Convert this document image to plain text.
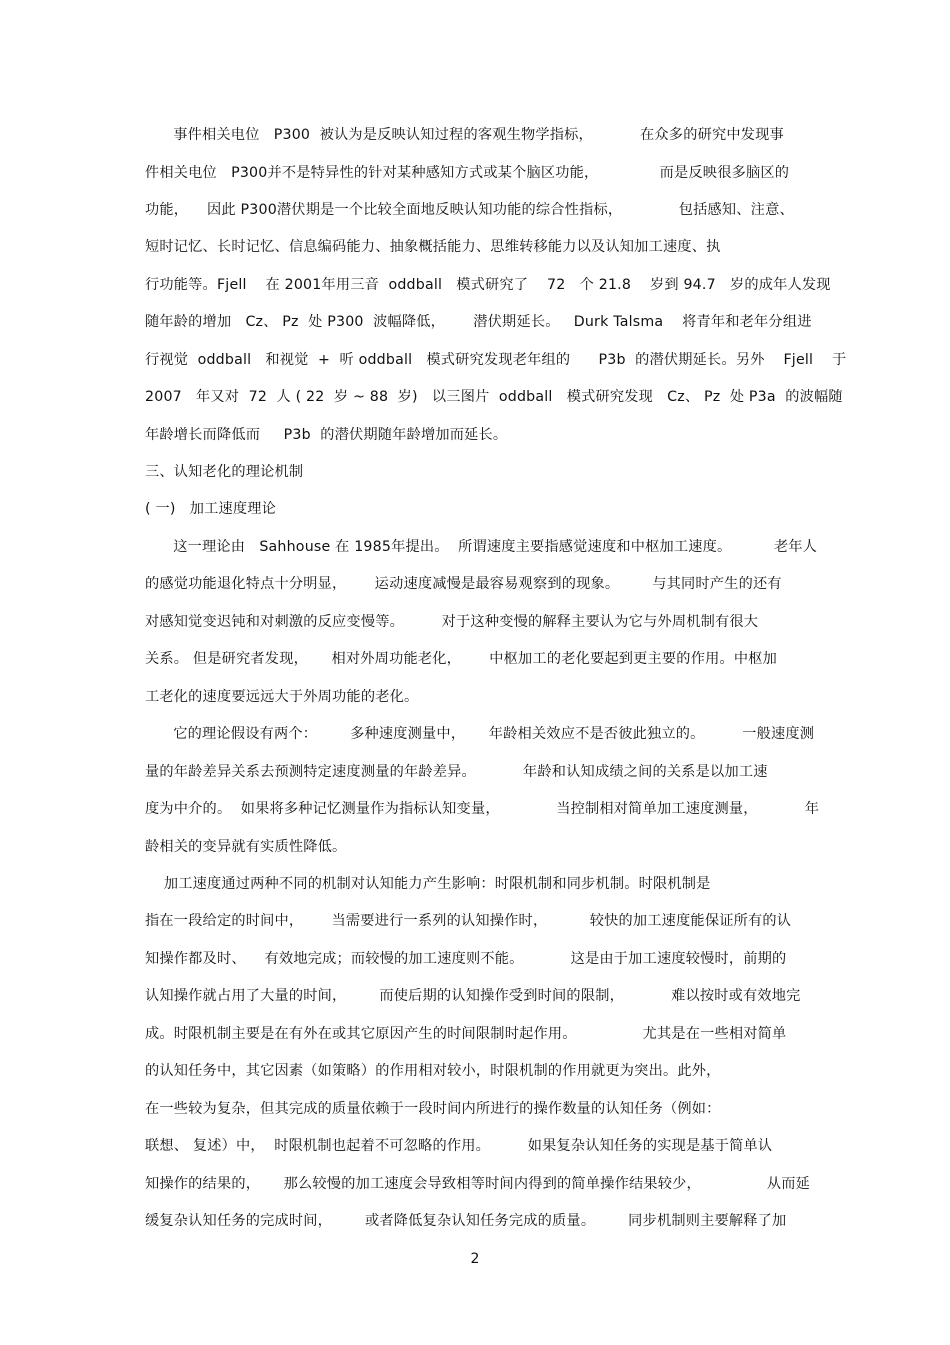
事件相关电位   P300  被认为是反映认知过程的客观生物学指标，          在众多的研究中发现事
件相关电位   P300并不是特异性的针对某种感知方式或某个脑区功能，             而是反映很多脑区的
功能，    因此 P300潜伏期是一个比较全面地反映认知功能的综合性指标，            包括感知、注意、
短时记忆、长时记忆、信息编码能力、抽象概括能力、思维转移能力以及认知加工速度、执
行功能等。Fjell    在 2001年用三音  oddball   模式研究了    72   个 21.8    岁到 94.7   岁的成年人发现
随年龄的增加   Cz、 Pz  处 P300  波幅降低，      潜伏期延长。   Durk Talsma    将青年和老年分组进
行视觉  oddball   和视觉  +  听 oddball   模式研究发现老年组的      P3b  的潜伏期延长。另外    Fjell    于
2007   年又对  72  人 ( 22  岁 ~ 88  岁)   以三图片  oddball   模式研究发现   Cz、 Pz  处 P3a  的波幅随
年龄增长而降低而     P3b  的潜伏期随年龄增加而延长。
三、认知老化的理论机制
( 一)   加工速度理论
这一理论由   Sahhouse 在 1985年提出。  所谓速度主要指感觉速度和中枢加工速度。         老年人
的感觉功能退化特点十分明显，      运动速度减慢是最容易观察到的现象。       与其同时产生的还有
对感知觉变迟钝和对刺激的反应变慢等。        对于这种变慢的解释主要认为它与外周机制有很大
关系。 但是研究者发现，     相对外周功能老化，      中枢加工的老化要起到更主要的作用。中枢加
工老化的速度要远远大于外周功能的老化。
它的理论假设有两个：       多种速度测量中，     年龄相关效应不是否彼此独立的。        一般速度测
量的年龄差异关系去预测特定速度测量的年龄差异。          年龄和认知成绩之间的关系是以加工速
度为中介的。  如果将多种记忆测量作为指标认知变量，            当控制相对简单加工速度测量，          年
龄相关的变异就有实质性降低。
加工速度通过两种不同的机制对认知能力产生影响：时限机制和同步机制。时限机制是
指在一段给定的时间中，      当需要进行一系列的认知操作时，         较快的加工速度能保证所有的认
知操作都及时、    有效地完成；而较慢的加工速度则不能。          这是由于加工速度较慢时，前期的
认知操作就占用了大量的时间，       而使后期的认知操作受到时间的限制，          难以按时或有效地完
成。时限机制主要是在有外在或其它原因产生的时间限制时起作用。              尤其是在一些相对简单
的认知任务中，其它因素（如策略）的作用相对较小，时限机制的作用就更为突出。此外，
在一些较为复杂，但其完成的质量依赖于一段时间内所进行的操作数量的认知任务（例如：
联想、 复述）中，  时限机制也起着不可忽略的作用。        如果复杂认知任务的实现是基于简单认
知操作的结果的，     那么较慢的加工速度会导致相等时间内得到的简单操作结果较少，              从而延
缓复杂认知任务的完成时间，       或者降低复杂认知任务完成的质量。       同步机制则主要解释了加
2
